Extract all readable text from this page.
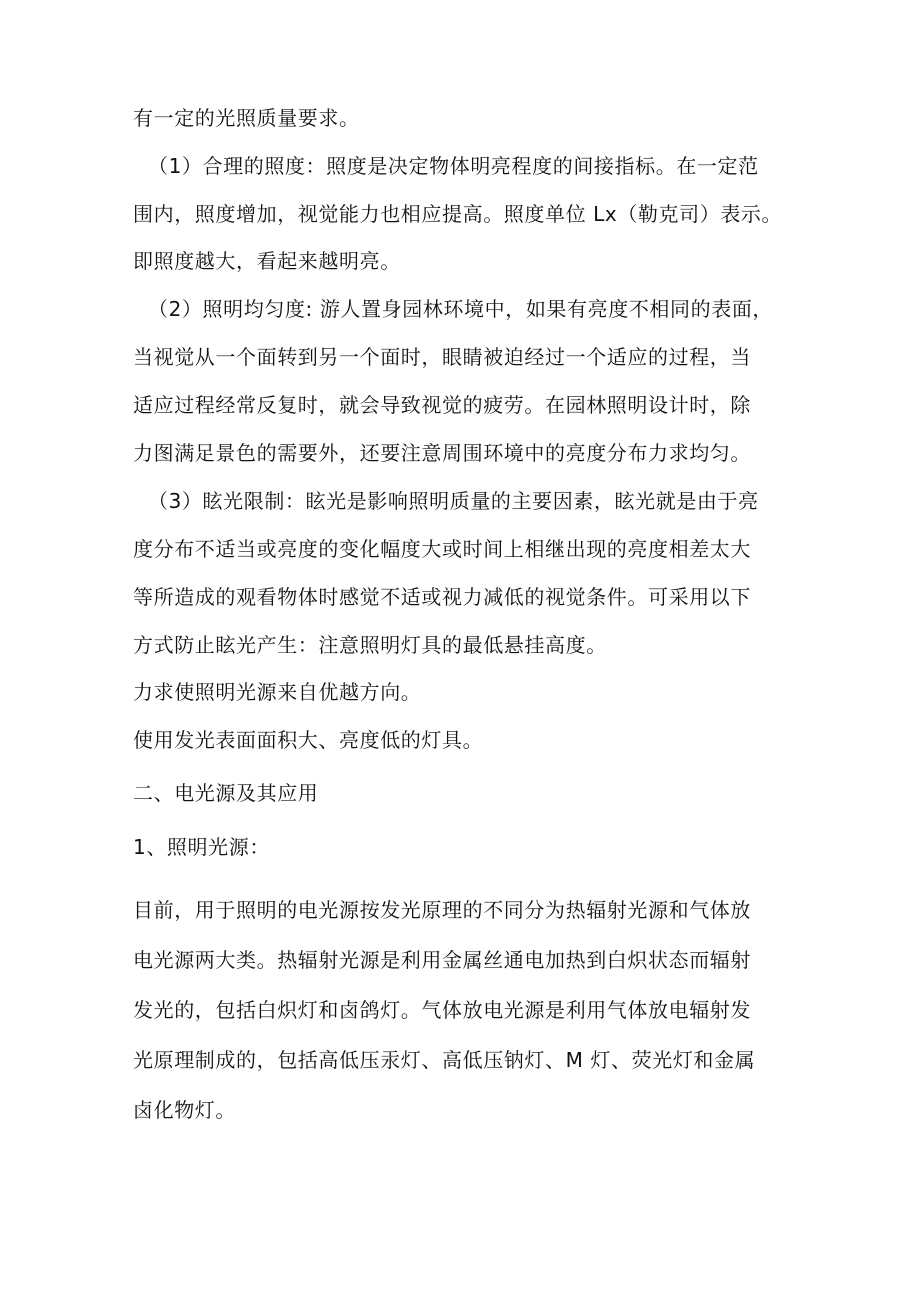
有一定的光照质量要求。
（1）合理的照度：照度是决定物体明亮程度的间接指标。在一定范
围内，照度增加，视觉能力也相应提高。照度单位 Lx（勒克司）表示。
即照度越大，看起来越明亮。
（2）照明均匀度: 游人置身园林环境中，如果有亮度不相同的表面，
当视觉从一个面转到另一个面时，眼睛被迫经过一个适应的过程，当
适应过程经常反复时，就会导致视觉的疲劳。在园林照明设计时，除
力图满足景色的需要外，还要注意周围环境中的亮度分布力求均匀。
（3）眩光限制：眩光是影响照明质量的主要因素，眩光就是由于亮
度分布不适当或亮度的变化幅度大或时间上相继出现的亮度相差太大
等所造成的观看物体时感觉不适或视力减低的视觉条件。可采用以下
方式防止眩光产生：注意照明灯具的最低悬挂高度。
力求使照明光源来自优越方向。
使用发光表面面积大、亮度低的灯具。
二、电光源及其应用
1、照明光源：
目前，用于照明的电光源按发光原理的不同分为热辐射光源和气体放
电光源两大类。热辐射光源是利用金属丝通电加热到白炽状态而辐射
发光的，包括白炽灯和卤鸽灯。气体放电光源是利用气体放电辐射发
光原理制成的，包括高低压汞灯、高低压钠灯、M 灯、荧光灯和金属
卤化物灯。
